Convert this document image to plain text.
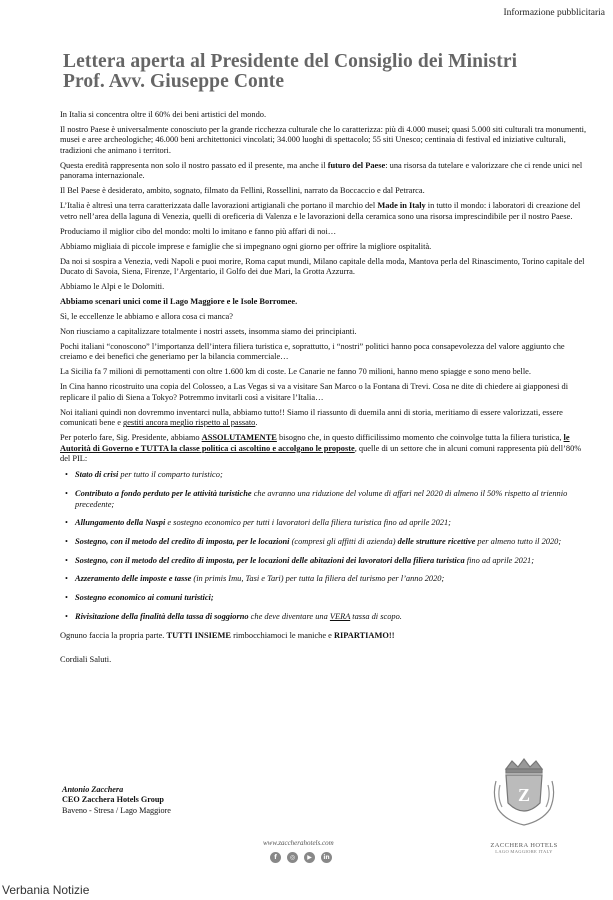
Informazione pubblicitaria
Lettera aperta al Presidente del Consiglio dei Ministri
Prof. Avv. Giuseppe Conte

In Italia si concentra oltre il 60% dei beni artistici del mondo.

Il nostro Paese è universalmente conosciuto per la grande ricchezza culturale che lo caratterizza: più di 4.000 musei; quasi 5.000 siti culturali tra monumenti, musei e aree archeologiche; 46.000 beni architettonici vincolati; 34.000 luoghi di spettacolo; 55 siti Unesco; centinaia di festival ed iniziative culturali, tradizioni che animano i territori.

Questa eredità rappresenta non solo il nostro passato ed il presente, ma anche il futuro del Paese: una risorsa da tutelare e valorizzare che ci rende unici nel panorama internazionale.

Il Bel Paese è desiderato, ambito, sognato, filmato da Fellini, Rossellini, narrato da Boccaccio e dal Petrarca.

L’Italia è altresì una terra caratterizzata dalle lavorazioni artigianali che portano il marchio del Made in Italy in tutto il mondo: i laboratori di creazione del vetro nell’area della laguna di Venezia, quelli di oreficeria di Valenza e le lavorazioni della ceramica sono una risorsa imprescindibile per il nostro Paese.

Produciamo il miglior cibo del mondo: molti lo imitano e fanno più affari di noi…

Abbiamo migliaia di piccole imprese e famiglie che si impegnano ogni giorno per offrire la migliore ospitalità.

Da noi si sospira a Venezia, vedi Napoli e puoi morire, Roma caput mundi, Milano capitale della moda, Mantova perla del Rinascimento, Torino capitale del Ducato di Savoia, Siena, Firenze, l’Argentario, il Golfo dei due Mari, la Grotta Azzurra.

Abbiamo le Alpi e le Dolomiti.

Abbiamo scenari unici come il Lago Maggiore e le Isole Borromee.

Sì, le eccellenze le abbiamo e allora cosa ci manca?

Non riusciamo a capitalizzare totalmente i nostri assets, insomma siamo dei principianti.

Pochi italiani “conoscono” l’importanza dell’intera filiera turistica e, soprattutto, i “nostri” politici hanno poca consapevolezza del valore aggiunto che creiamo e dei benefici che generiamo per la bilancia commerciale…

La Sicilia fa 7 milioni di pernottamenti con oltre 1.600 km di coste. Le Canarie ne fanno 70 milioni, hanno meno spiagge e sono meno belle.

In Cina hanno ricostruito una copia del Colosseo, a Las Vegas si va a visitare San Marco o la Fontana di Trevi. Cosa ne dite di chiedere ai giapponesi di replicare il palio di Siena a Tokyo? Potremmo invitarli così a visitare l’Italia…

Noi italiani quindi non dovremmo inventarci nulla, abbiamo tutto!! Siamo il riassunto di duemila anni di storia, meritiamo di essere valorizzati, essere comunicati bene e gestiti ancora meglio rispetto al passato.

Per poterlo fare, Sig. Presidente, abbiamo ASSOLUTAMENTE bisogno che, in questo difficilissimo momento che coinvolge tutta la filiera turistica, le Autorità di Governo e TUTTA la classe politica ci ascoltino e accolgano le proposte, quelle di un settore che in alcuni comuni rappresenta più dell’80% del PIL:

• Stato di crisi per tutto il comparto turistico;
• Contributo a fondo perduto per le attività turistiche che avranno una riduzione del volume di affari nel 2020 di almeno il 50% rispetto al triennio precedente;
• Allungamento della Naspi e sostegno economico per tutti i lavoratori della filiera turistica fino ad aprile 2021;
• Sostegno, con il metodo del credito di imposta, per le locazioni (compresi gli affitti di azienda) delle strutture ricettive per almeno tutto il 2020;
• Sostegno, con il metodo del credito di imposta, per le locazioni delle abitazioni dei lavoratori della filiera turistica fino ad aprile 2021;
• Azzeramento delle imposte e tasse (in primis Imu, Tasi e Tari) per tutta la filiera del turismo per l’anno 2020;
• Sostegno economico ai comuni turistici;
• Rivisitazione della finalità della tassa di soggiorno che deve diventare una VERA tassa di scopo.

Ognuno faccia la propria parte. TUTTI INSIEME rimbocchiamoci le maniche e RIPARTIAMO!!

Cordiali Saluti.

Antonio Zacchera
CEO Zacchera Hotels Group
Baveno - Stresa / Lago Maggiore
www.zaccherahotels.com
f	◎	▶	in
Z
ZACCHERA HOTELS
LAGO MAGGIORE ITALY
Verbania Notizie
